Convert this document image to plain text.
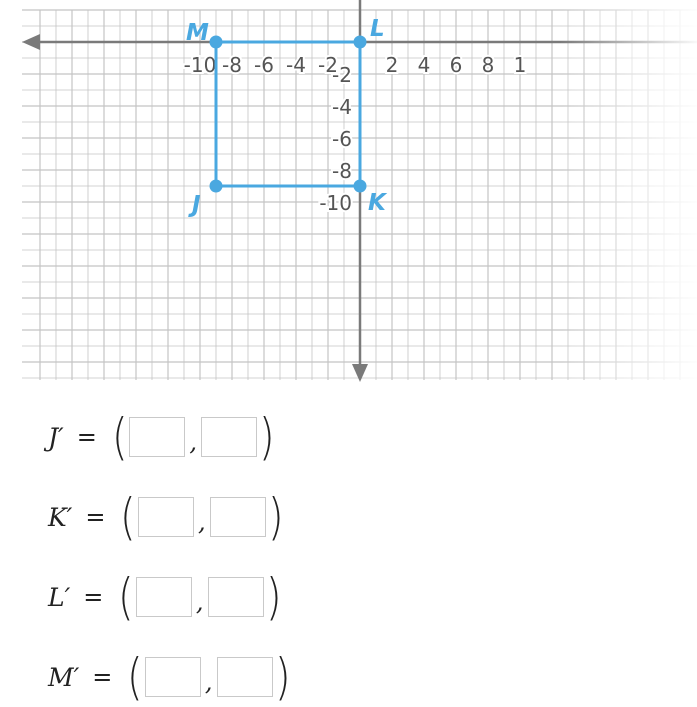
-10 -8 -6 -4 -2 2 4 6 8 1
-2
-4
-6
-8
-10
M	L
J	K
J′ = (	, )
K′ = (	, )
L′ = (	, )
M′ = (	, )
